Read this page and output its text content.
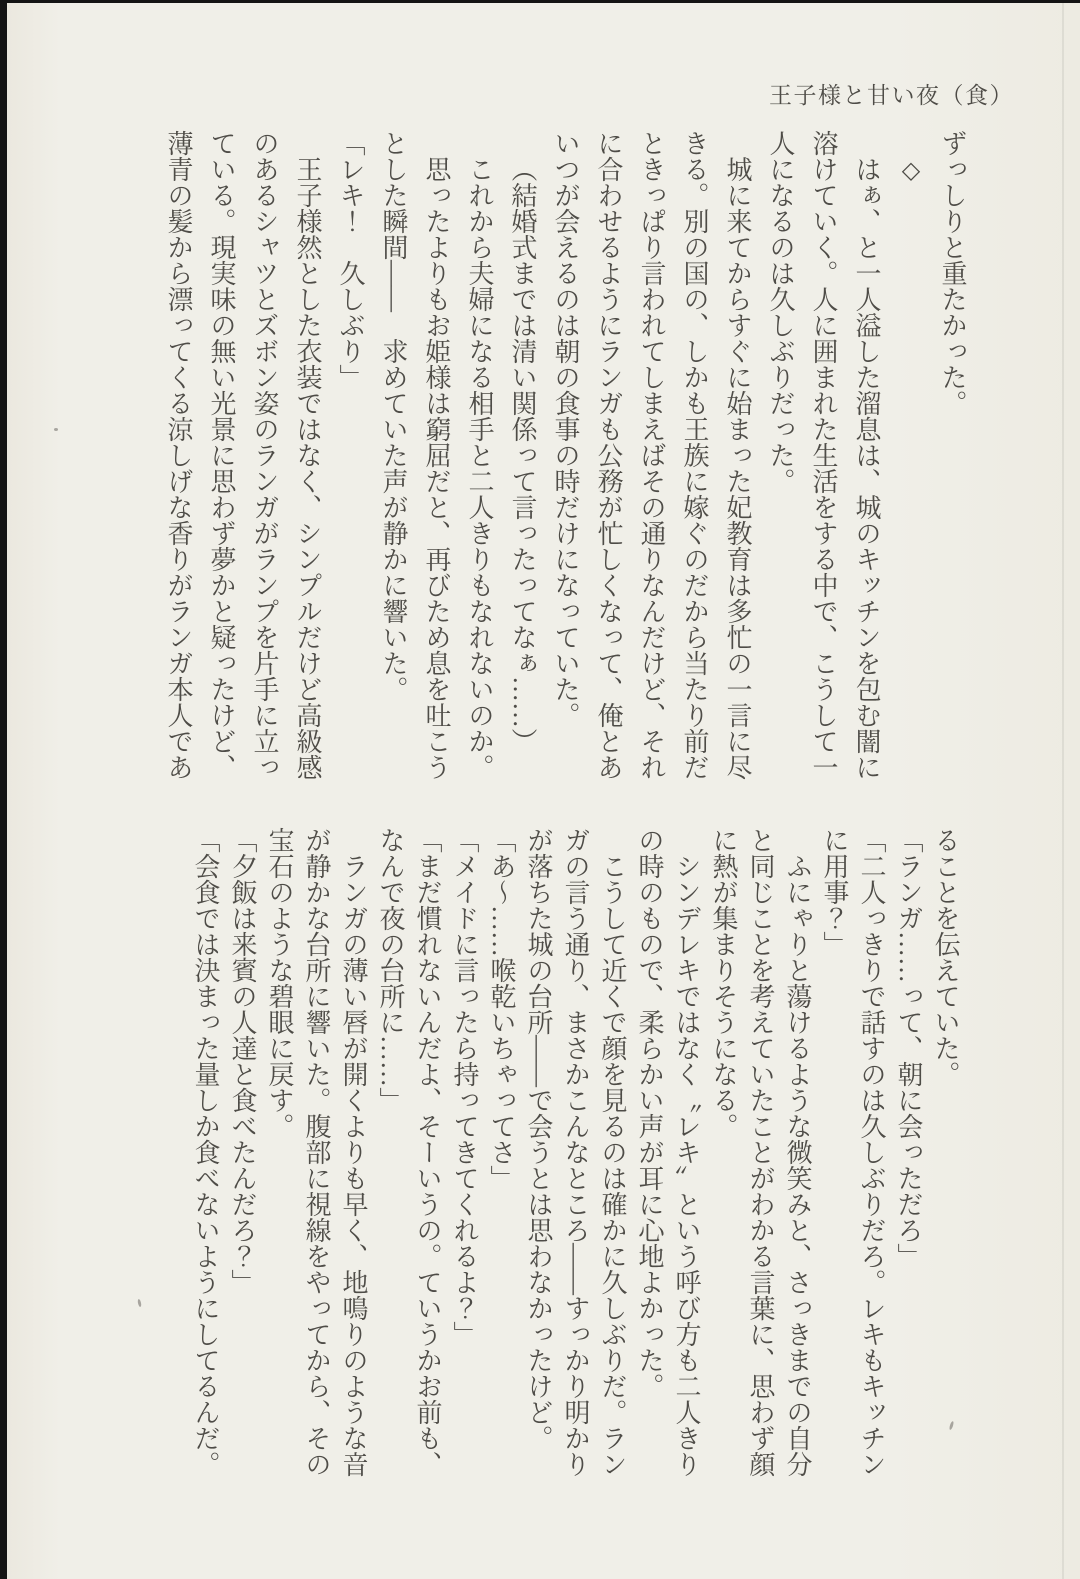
王子様と甘い夜（食）

ずっしりと重たかった。

◇

はぁ、と一人溢した溜息は、城のキッチンを包む闇に

溶けていく。人に囲まれた生活をする中で、こうして一

人になるのは久しぶりだった。

城に来てからすぐに始まった妃教育は多忙の一言に尽

きる。別の国の、しかも王族に嫁ぐのだから当たり前だ

ときっぱり言われてしまえばその通りなんだけど、それ

に合わせるようにランガも公務が忙しくなって、俺とあ

いつが会えるのは朝の食事の時だけになっていた。

（結婚式までは清い関係って言ったってなぁ……）

これから夫婦になる相手と二人きりもなれないのか。

思ったよりもお姫様は窮屈だと、再びため息を吐こう

とした瞬間――　求めていた声が静かに響いた。

「レキ！　久しぶり」

王子様然とした衣装ではなく、シンプルだけど高級感

のあるシャツとズボン姿のランガがランプを片手に立っ

ている。現実味の無い光景に思わず夢かと疑ったけど、

薄青の髪から漂ってくる涼しげな香りがランガ本人であ

ることを伝えていた。

「ランガ……って、朝に会っただろ」

「二人っきりで話すのは久しぶりだろ。レキもキッチン

に用事？」

ふにゃりと蕩けるような微笑みと、さっきまでの自分

と同じことを考えていたことがわかる言葉に、思わず顔

に熱が集まりそうになる。

シンデレキではなく〝レキ〞という呼び方も二人きり

の時のもので、柔らかい声が耳に心地よかった。

こうして近くで顔を見るのは確かに久しぶりだ。ラン

ガの言う通り、まさかこんなところ――すっかり明かり

が落ちた城の台所――で会うとは思わなかったけど。

「あ〜……喉乾いちゃってさ」

「メイドに言ったら持ってきてくれるよ？」

「まだ慣れないんだよ、そーいうの。ていうかお前も、

なんで夜の台所に……」

ランガの薄い唇が開くよりも早く、地鳴りのような音

が静かな台所に響いた。腹部に視線をやってから、その

宝石のような碧眼に戻す。

「夕飯は来賓の人達と食べたんだろ？」

「会食では決まった量しか食べないようにしてるんだ。
